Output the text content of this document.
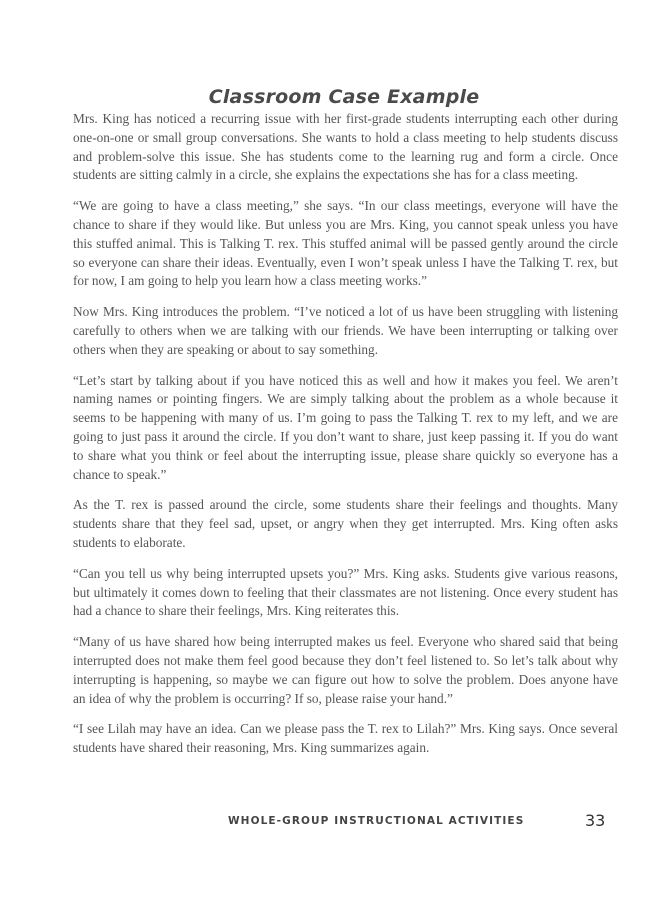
Classroom Case Example

Mrs. King has noticed a recurring issue with her first-grade students interrupting each other during one-on-one or small group conversations. She wants to hold a class meeting to help students discuss and problem-solve this issue. She has students come to the learning rug and form a circle. Once students are sitting calmly in a circle, she explains the expectations she has for a class meeting.

“We are going to have a class meeting,” she says. “In our class meetings, everyone will have the chance to share if they would like. But unless you are Mrs. King, you cannot speak unless you have this stuffed animal. This is Talking T. rex. This stuffed animal will be passed gently around the circle so everyone can share their ideas. Eventually, even I won’t speak unless I have the Talking T. rex, but for now, I am going to help you learn how a class meeting works.”

Now Mrs. King introduces the problem. “I’ve noticed a lot of us have been struggling with listening carefully to others when we are talking with our friends. We have been interrupting or talking over others when they are speaking or about to say something.

“Let’s start by talking about if you have noticed this as well and how it makes you feel. We aren’t naming names or pointing fingers. We are simply talking about the problem as a whole because it seems to be happening with many of us. I’m going to pass the Talking T. rex to my left, and we are going to just pass it around the circle. If you don’t want to share, just keep passing it. If you do want to share what you think or feel about the interrupting issue, please share quickly so everyone has a chance to speak.”

As the T. rex is passed around the circle, some students share their feelings and thoughts. Many students share that they feel sad, upset, or angry when they get interrupted. Mrs. King often asks students to elaborate.

“Can you tell us why being interrupted upsets you?” Mrs. King asks. Students give various reasons, but ultimately it comes down to feeling that their classmates are not listening. Once every student has had a chance to share their feelings, Mrs. King reiterates this.

“Many of us have shared how being interrupted makes us feel. Everyone who shared said that being interrupted does not make them feel good because they don’t feel listened to. So let’s talk about why interrupting is happening, so maybe we can figure out how to solve the problem. Does anyone have an idea of why the problem is occurring? If so, please raise your hand.”

“I see Lilah may have an idea. Can we please pass the T. rex to Lilah?” Mrs. King says. Once several students have shared their reasoning, Mrs. King summarizes again.

WHOLE-GROUP INSTRUCTIONAL ACTIVITIES	33
